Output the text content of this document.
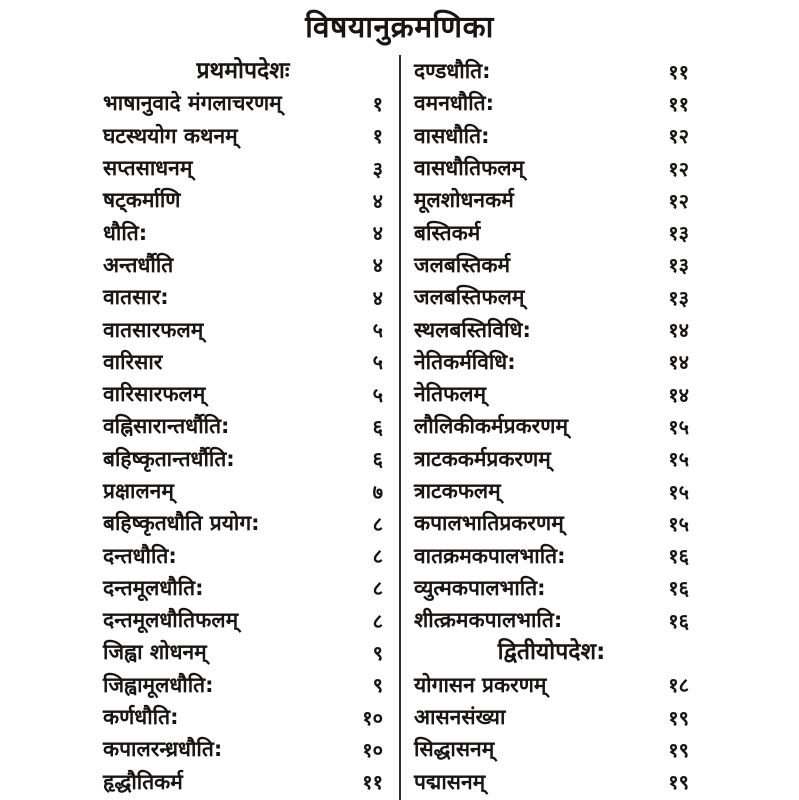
विषयानुक्रमणिका
प्रथमोपदेशः
भाषानुवादे मंगलाचरणम्	१
घटस्थयोग कथनम्	१
सप्तसाधनम्	३
षट्कर्माणि	४
धौति:	४
अन्तर्धौति	४
वातसार:	४
वातसारफलम्	५
वारिसार	५
वारिसारफलम्	५
वह्निसारान्तर्धौति:	६
बहिष्कृतान्तर्धौति:	६
प्रक्षालनम्	७
बहिष्कृतधौति प्रयोग:	८
दन्तधौति:	८
दन्तमूलधौति:	८
दन्तमूलधौतिफलम्	८
जिह्वा शोधनम्	९
जिह्वामूलधौति:	९
कर्णधौति:	१०
कपालरन्ध्रधौति:	१०
हृद्धौतिकर्म	११
दण्डधौति:	११
वमनधौति:	११
वासधौति:	१२
वासधौतिफलम्	१२
मूलशोधनकर्म	१२
बस्तिकर्म	१३
जलबस्तिकर्म	१३
जलबस्तिफलम्	१३
स्थलबस्तिविधि:	१४
नेतिकर्मविधि:	१४
नेतिफलम्	१४
लौलिकीकर्मप्रकरणम्	१५
त्राटककर्मप्रकरणम्	१५
त्राटकफलम्	१५
कपालभातिप्रकरणम्	१५
वातक्रमकपालभाति:	१६
व्युत्मकपालभाति:	१६
शीत्क्रमकपालभाति:	१६
द्वितीयोपदेश:
योगासन प्रकरणम्	१८
आसनसंख्या	१९
सिद्धासनम्	१९
पद्मासनम्	१९
